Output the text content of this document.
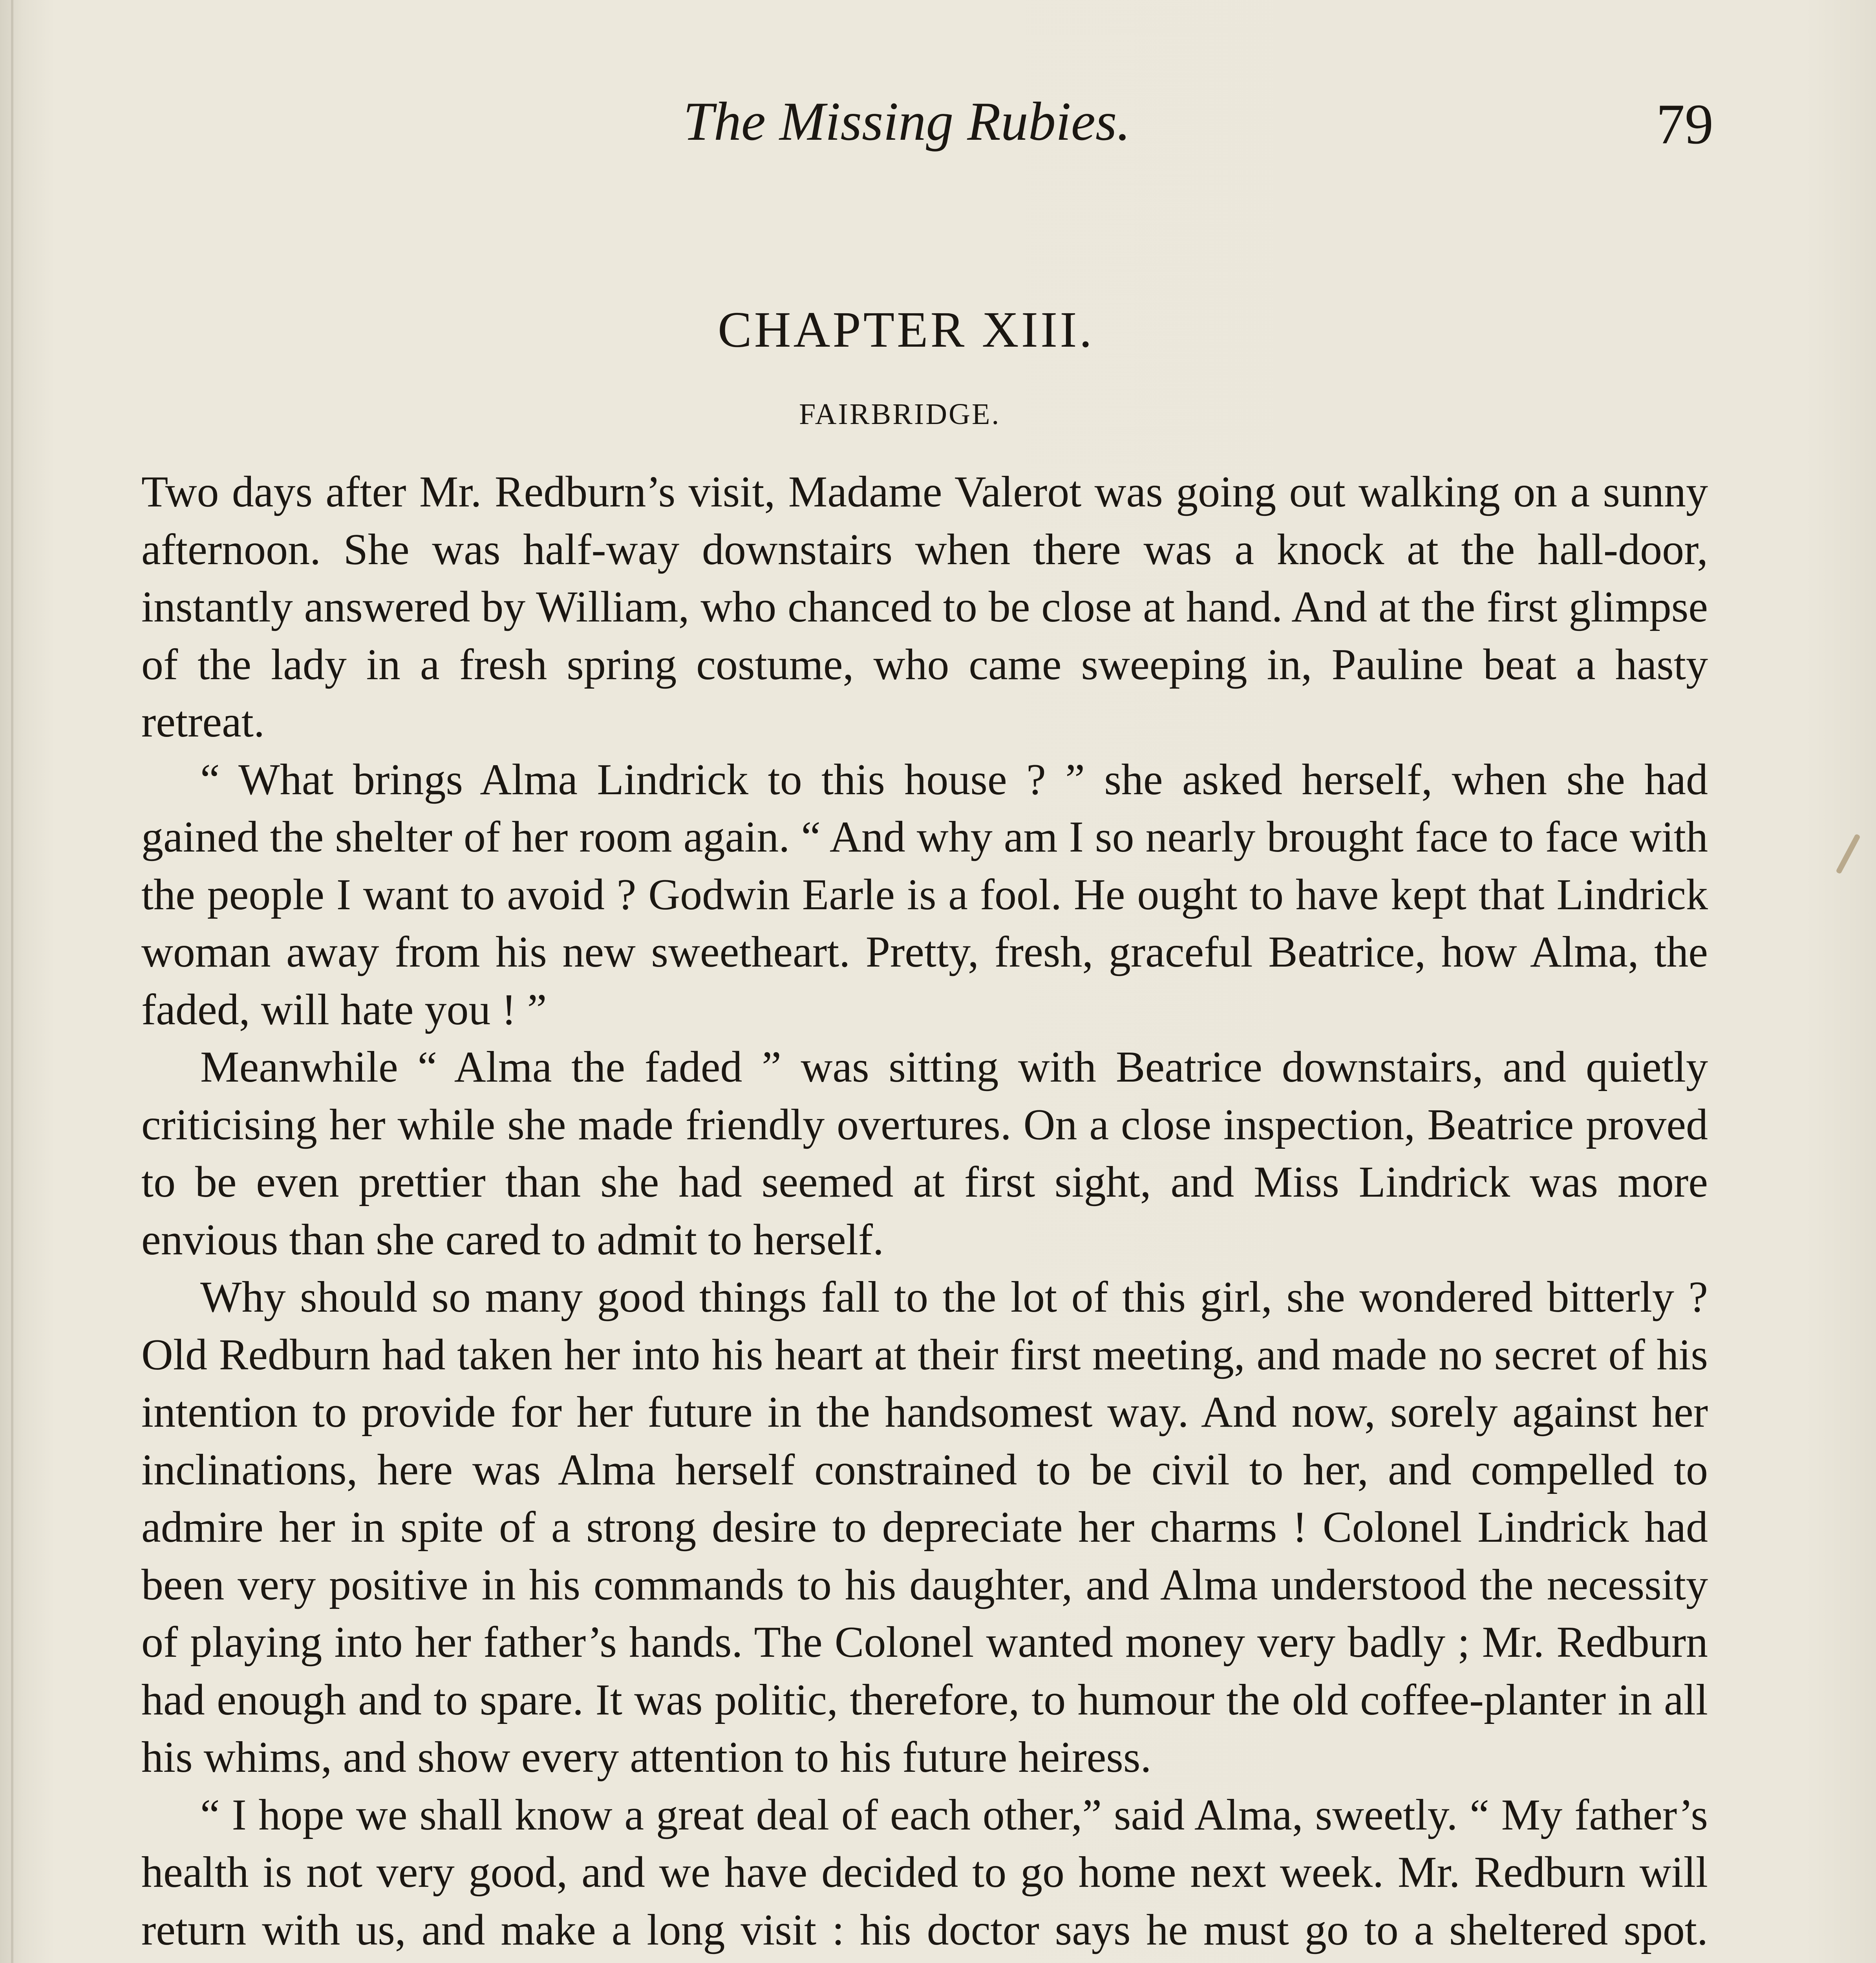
The Missing Rubies.	79
CHAPTER XIII.
FAIRBRIDGE.

Two days after Mr. Redburn’s visit, Madame Valerot was going out walking on a sunny afternoon. She was half-way downstairs when there was a knock at the hall-door, instantly answered by William, who chanced to be close at hand. And at the first glimpse of the lady in a fresh spring costume, who came sweeping in, Pauline beat a hasty retreat.

“ What brings Alma Lindrick to this house ? ” she asked herself, when she had gained the shelter of her room again. “ And why am I so nearly brought face to face with the people I want to avoid ? Godwin Earle is a fool. He ought to have kept that Lindrick woman away from his new sweetheart. Pretty, fresh, graceful Beatrice, how Alma, the faded, will hate you ! ”

Meanwhile “ Alma the faded ” was sitting with Beatrice downstairs, and quietly criticising her while she made friendly overtures. On a close inspection, Beatrice proved to be even prettier than she had seemed at first sight, and Miss Lindrick was more envious than she cared to admit to herself.

Why should so many good things fall to the lot of this girl, she wondered bitterly ? Old Redburn had taken her into his heart at their first meeting, and made no secret of his intention to provide for her future in the handsomest way. And now, sorely against her inclinations, here was Alma herself constrained to be civil to her, and compelled to admire her in spite of a strong desire to depreciate her charms ! Colonel Lindrick had been very positive in his commands to his daughter, and Alma understood the necessity of playing into her father’s hands. The Colonel wanted money very badly ; Mr. Redburn had enough and to spare. It was politic, therefore, to humour the old coffee-planter in all his whims, and show every attention to his future heiress.

“ I hope we shall know a great deal of each other,” said Alma, sweetly. “ My father’s health is not very good, and we have decided to go home next week. Mr. Redburn will return with us, and make a long visit : his doctor says he must go to a sheltered spot.
